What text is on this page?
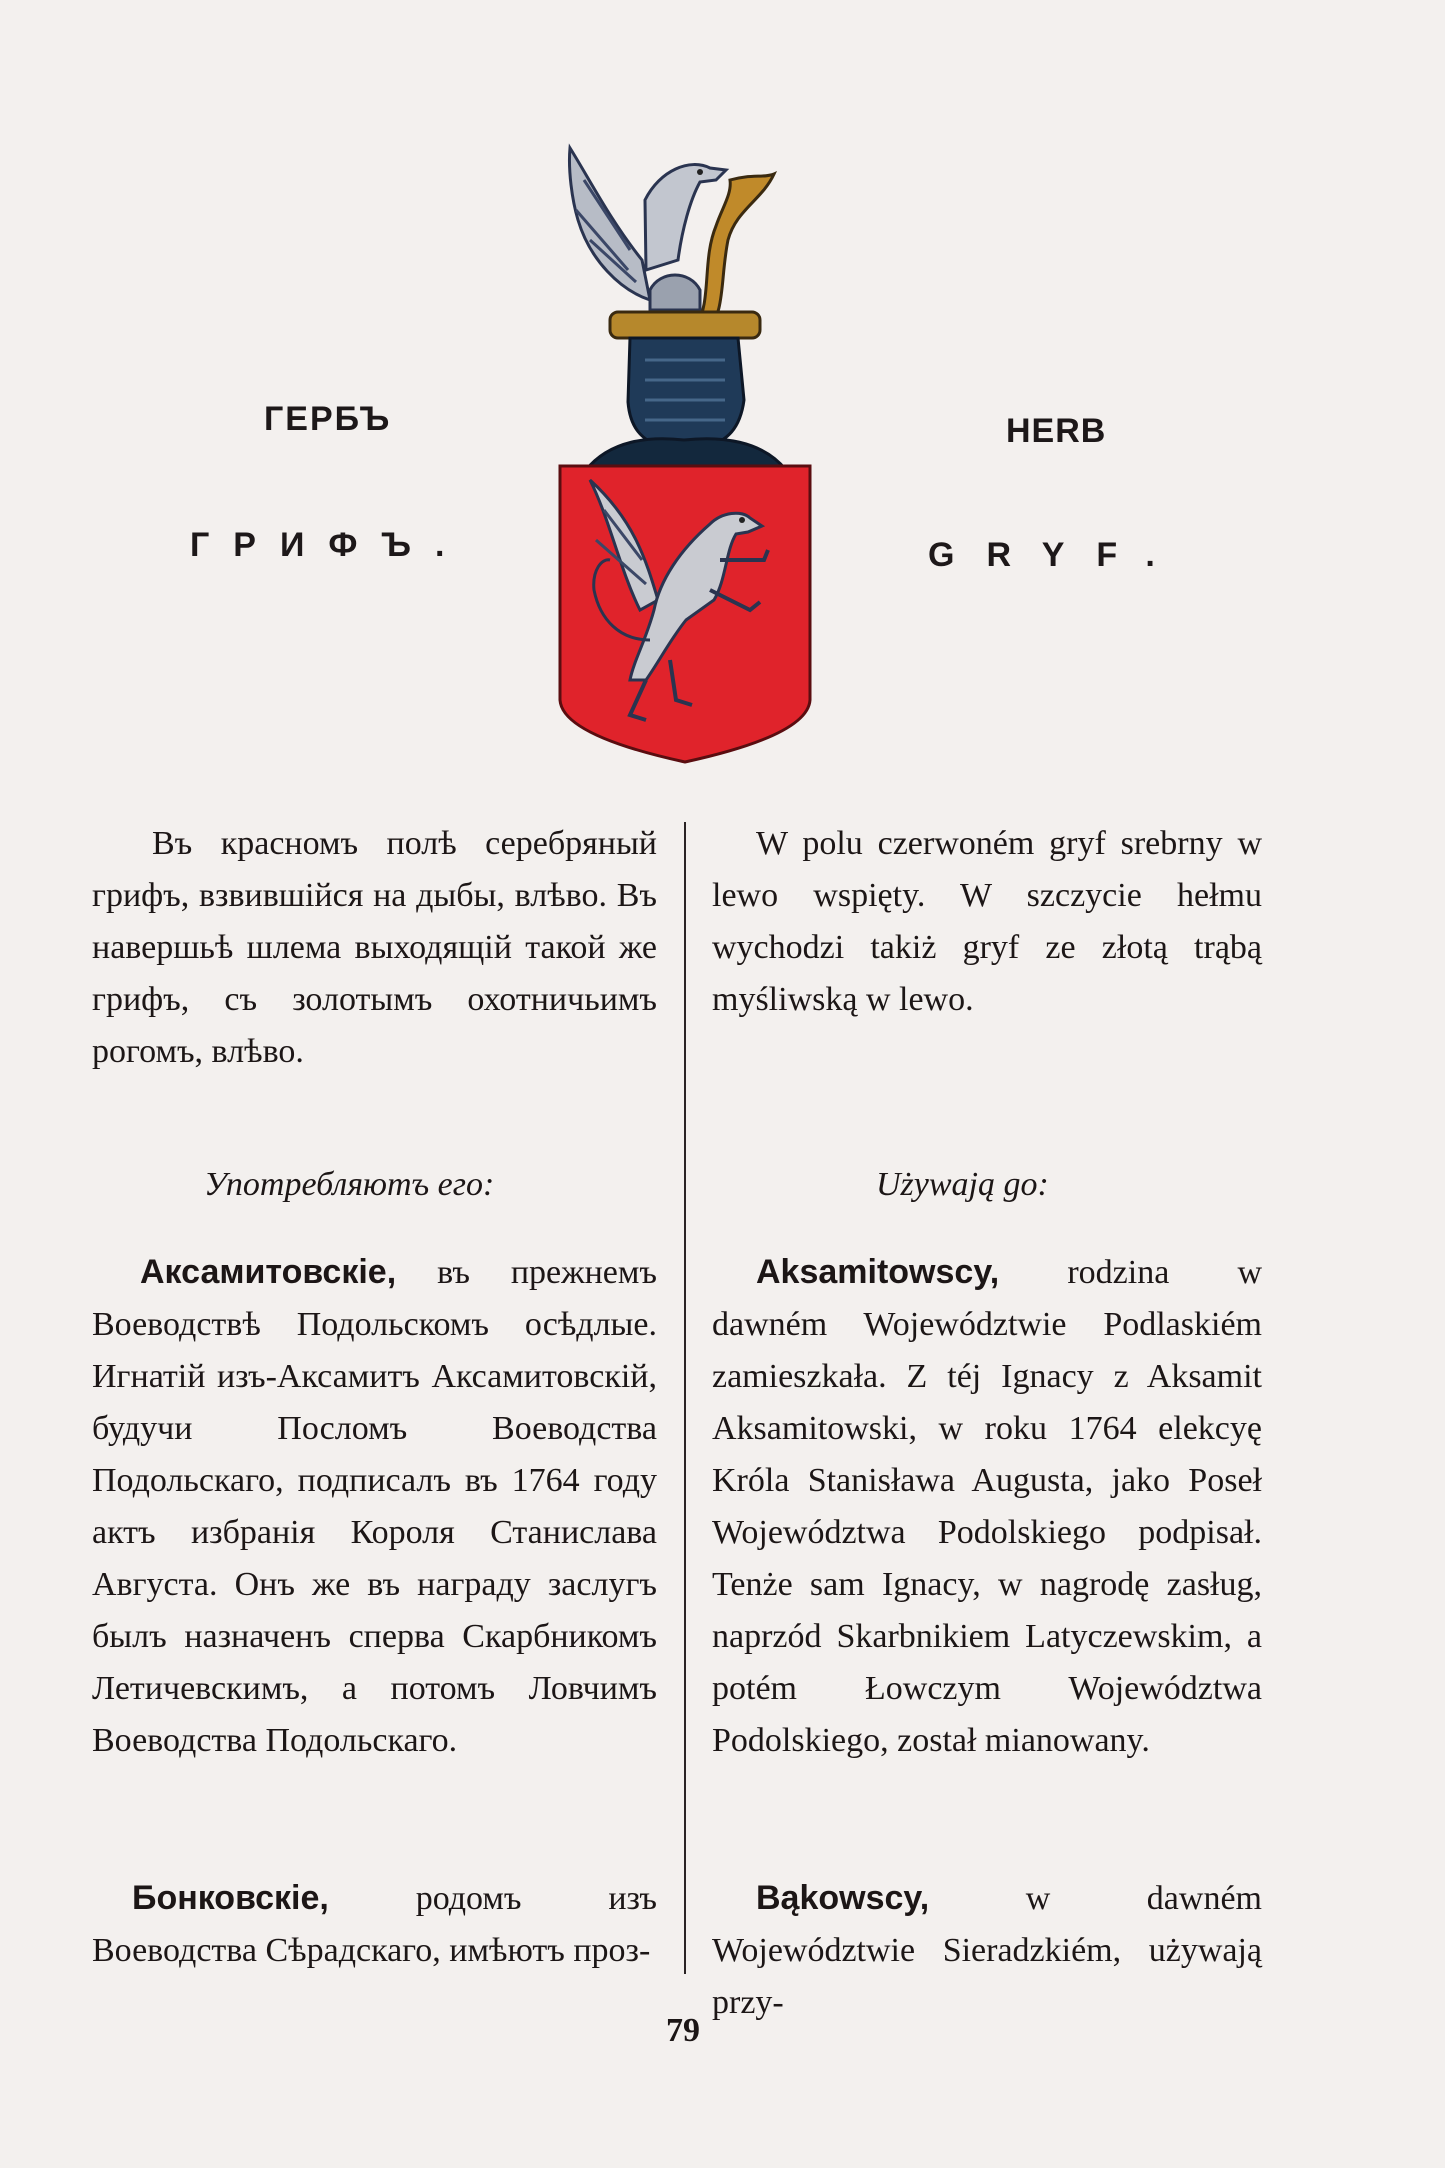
ГЕРБЪ
ГРИФЪ.
HERB
GRYF.

Въ красномъ полѣ серебряный грифъ, взвившійся на дыбы, влѣво. Въ навершьѣ шлема выходящій такой же грифъ, съ золотымъ охотничьимъ рогомъ, влѣво.

Употребляютъ его:

Аксамитовскіе, въ прежнемъ Воеводствѣ Подольскомъ осѣдлые. Игнатій изъ-Аксамитъ Аксамитовскій, будучи Посломъ Воеводства Подольскаго, подписалъ въ 1764 году актъ избранія Короля Станислава Августа. Онъ же въ награду заслугъ былъ назначенъ сперва Скарбникомъ Летичевскимъ, а потомъ Ловчимъ Воеводства Подольскаго.

Бонковскіе,	родомъ изъ Воеводства Сѣрадскаго, имѣютъ проз-

W polu czerwoném gryf srebrny w lewo wspięty. W szczycie hełmu wychodzi takiż gryf ze złotą trąbą myśliwską w lewo.

Używają go:

Aksamitowscy, rodzina w dawném Województwie Podlaskiém zamieszkała. Z téj Ignacy z Aksamit Aksamitowski, w roku 1764 elekcyę Króla Stanisława Augusta, jako Poseł Województwa Podolskiego podpisał. Tenże sam Ignacy, w nagrodę zasług, naprzód Skarbnikiem Latyczewskim, a potém Łowczym Województwa Podolskiego, został mianowany.

Bąkowscy,	w dawném Województwie Sieradzkiém, używają przy-

79
